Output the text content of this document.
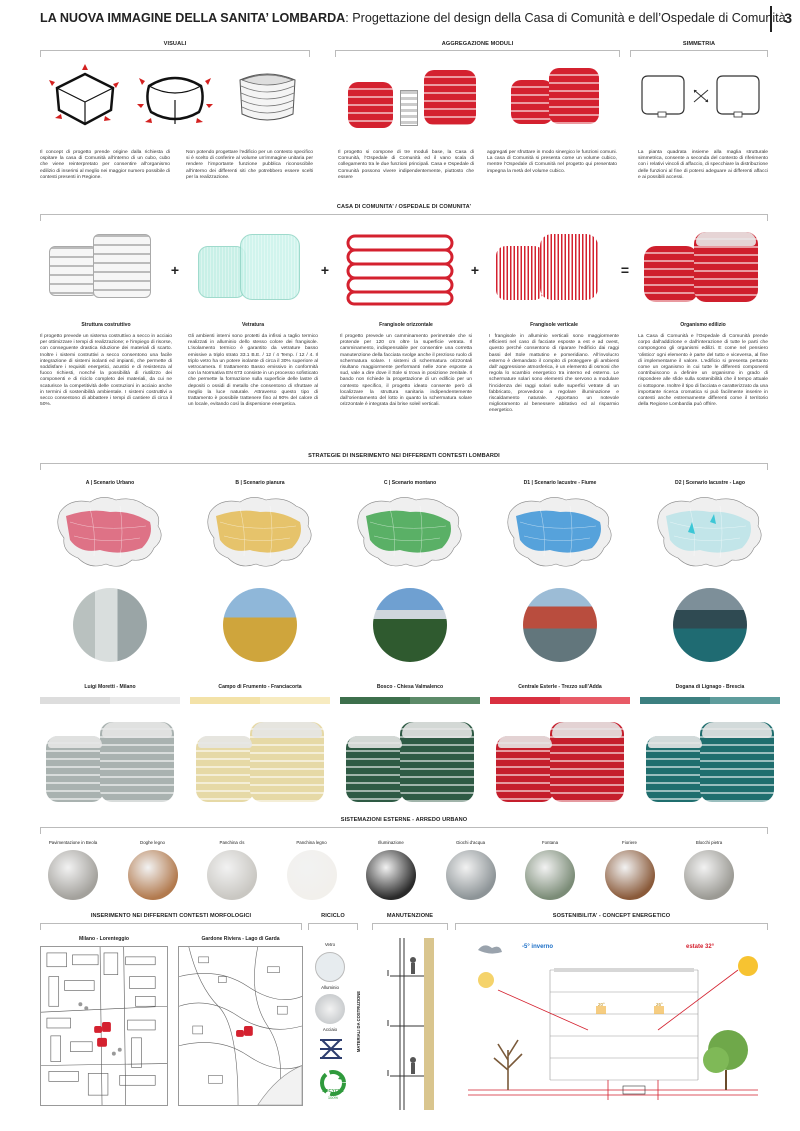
LA NUOVA IMMAGINE DELLA SANITA’ LOMBARDA: Progettazione del design della Casa di Comunità e dell’Ospedale di Comunità
3
VISUALI	AGGREGAZIONE MODULI	SIMMETRIA
Il concept di progetto prende origine dalla richiesta di ospitare la casa di Comunità all’interno di un cubo, cubo che viene reinterpretato per consentire all’organismo edilizio di inserirsi al meglio nei maggior numero possibile di contesti presenti in Regione.
Non potendo progettare l’edificio per un contesto specifico si è scelto di conferire al volume un’immagine unitaria per rendere l’importante funzione pubblica riconoscibile all’interno dei differenti siti che potrebbero essere scelti per la realizzazione.
Il progetto si compone di tre moduli base, la Casa di Comunità, l’Ospedale di Comunità ed il vano scala di collegamento tra le due funzioni principali. Casa e Ospedale di Comunità possono vivere indipendentemente, piuttosto che essere
aggregati per sfruttare in modo sinergico le funzioni comuni. La casa di Comunità si presenta come un volume cubico, mentre l’Ospedale di Comunità nel progetto qui presentato impegna la metà del volume cubico.
La pianta quadrata insieme alla maglia strutturale simmetrica, consente a seconda del contesto di riferimento con i relativi vincoli di affaccio, di specchiare la distribuzione delle funzioni al fine di potersi adeguare ai differenti affacci e ai possibili accessi.
CASA DI COMUNITA’ / OSPEDALE DI COMUNITA’
+	+	+	=
Struttura costruttivo
Il progetto prevede un sistema costruttivo a secco in acciaio per ottimizzare i tempi di realizzazione; e l’impiego di risorse, con conseguente drastica riduzione dei materiali di scarto. Inoltre i sistemi costruttivi a secco consentono una facile integrazione di sistemi isolanti ed impianti, che permette di soddisfare i requisiti energetici, acustici e di resistenza al fuoco richiesti, nonché la possibilità di riutilizzo dei componenti e di riciclo completo dei materiali, da cui ne scaturisce la competitività delle costruzioni in acciaio anche in termini di sostenibilità ambientale. I sistemi costruttivi a secco consentono di abbattere i tempi di cantiere di circa il 50%.
Vetratura
Gli ambienti interni sono protetti da infissi a taglio termico realizzati in alluminio dello stesso colore dei frangisole. L’isolamento termico è garantito da vetrature basso emissive a triplo strato 33.1 B.E. / 12 / 4 Temp. / 12 / 4. Il triplo vetro ha un potere isolante di circa il 30% superiore al vetrocamera. Il trattamento Basso emissivo in conformità con la Normativa EN 673 consiste in un processo sofisticato che permette la formazione sulla superficie delle lastre di depositi o ossidi di metallo che consentono di sfruttare al meglio la luce naturale. Attraverso questo tipo di trattamento è possibile trattenere fino al 90% del calore di un locale, evitando così la dispersione energetica.
Frangisole orizzontale
Il progetto prevede un camminamento perimetrale che si protende per 120 cm oltre la superficie vetrata. Il camminamento, indispensabile per consentire una corretta manutenzione della facciata svolge anche il prezioso ruolo di schermatura solare. I sistemi di schermatura orizzontali risultano maggiormente performanti nelle zone esposte a sud, vale a dire dove il Sole si trova in posizione zenitale. Il bando non richiede la progettazione di un edificio per un contesto specifico, il progetto ideato consente però di localizzare la struttura sanitaria indipendentemente dall’orientamento del lotto in quanto la schermatura solare orizzontale è integrata dai brise soleil verticali.
Frangisole verticale
I frangisole in alluminio verticali sono maggiormente efficienti nel caso di facciate esposte a est e ad ovest, questo perché consentono di riparare l’edificio dai raggi bassi del Sole mattutino e pomeridiano. All’involucro esterno è demandato il compito di proteggere gli ambienti dall’ aggressione atmosferica, è un elemento di osmosi che regola lo scambio energetico tra interno ed esterno. Le schermature solari sono elementi che servono a modulare l’incidenza dei raggi solari sulle superfici vetrate di un fabbricato, provvedono a regolare illuminazione e riscaldamento naturale. Apportano un notevole miglioramento al benessere abitativo ed al risparmio energetico.
Organismo edilizio
La Casa di Comunità e l’Ospedale di Comunità prende corpo dall’addizione e dall’interazione di tutte le parti che compongono gli organismi edilizi. E come nel pensiero ‘olistico’ ogni elemento è parte del tutto e viceversa, al fine di implementarne il valore. L’edificio si presenta pertanto come un organismo in cui tutte le differenti componenti contribuiscono a definire un organismo in grado di rispondere alle sfide sulla sostenibilità che il tempo attuale ci sottopone. Inoltre il tipo di facciata e caratterizzato da una importante ricerca cromatica si può facilmente inserire in contesti anche estremamente differenti come il territorio della Regione Lombardia può offrire.
STRATEGIE DI INSERIMENTO NEI DIFFERENTI CONTESTI LOMBARDI
A | Scenario Urbano
Luigi Moretti - Milano
B | Scenario pianura
Campo di Frumento - Franciacorta
C | Scenario montano
Bosco - Chiesa Valmalenco
D1 | Scenario lacustre - Fiume
Centrale Esterle - Trezzo sull’Adda
D2 | Scenario lacustre - Lago
Dogana di Lignago - Brescia
SISTEMAZIONI ESTERNE - ARREDO URBANO
Pavimentazione in Beola	Doghe legno	Panchina cls	Panchina legno	Illuminazione	Giochi d’acqua	Fontana	Fioriere	Blocchi pietra
INSERIMENTO NEI DIFFERENTI CONTESTI MORFOLOGICI	RICICLO	MANUTENZIONE	SOSTENIBILITA’ - CONCEPT ENERGETICO
Milano - Lorenteggio	Gardone Riviera - Lago di Garda
Vetro
Alluminio
Acciaio
RECYCLE
100%
MATERIALI DA COSTRUZIONE
-5° inverno	estate 32°
20°	26°
